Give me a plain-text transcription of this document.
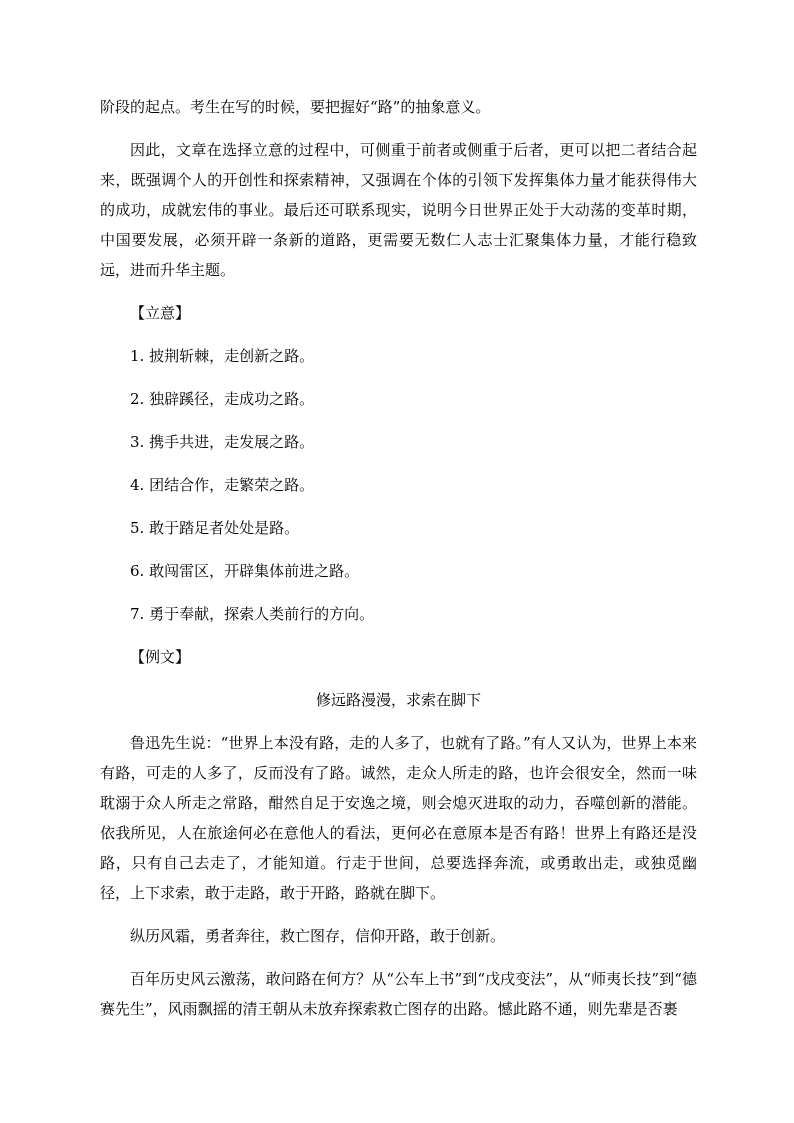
阶段的起点。考生在写的时候，要把握好“路”的抽象意义。

因此，文章在选择立意的过程中，可侧重于前者或侧重于后者，更可以把二者结合起来，既强调个人的开创性和探索精神，又强调在个体的引领下发挥集体力量才能获得伟大的成功，成就宏伟的事业。最后还可联系现实，说明今日世界正处于大动荡的变革时期，中国要发展，必须开辟一条新的道路，更需要无数仁人志士汇聚集体力量，才能行稳致远，进而升华主题。

【立意】

1. 披荆斩棘，走创新之路。
2. 独辟蹊径，走成功之路。
3. 携手共进，走发展之路。
4. 团结合作，走繁荣之路。
5. 敢于踏足者处处是路。
6. 敢闯雷区，开辟集体前进之路。
7. 勇于奉献，探索人类前行的方向。

【例文】

修远路漫漫，求索在脚下

鲁迅先生说：“世界上本没有路，走的人多了，也就有了路。”有人又认为，世界上本来有路，可走的人多了，反而没有了路。诚然，走众人所走的路，也许会很安全，然而一味耽溺于众人所走之常路，酣然自足于安逸之境，则会熄灭进取的动力，吞噬创新的潜能。依我所见，人在旅途何必在意他人的看法，更何必在意原本是否有路！世界上有路还是没路，只有自己去走了，才能知道。行走于世间，总要选择奔流，或勇敢出走，或独觅幽径，上下求索，敢于走路，敢于开路，路就在脚下。

纵历风霜，勇者奔往，救亡图存，信仰开路，敢于创新。

百年历史风云激荡，敢问路在何方？从“公车上书”到“戊戌变法”，从“师夷长技”到“德赛先生”，风雨飘摇的清王朝从未放弃探索救亡图存的出路。憾此路不通，则先辈是否裹
